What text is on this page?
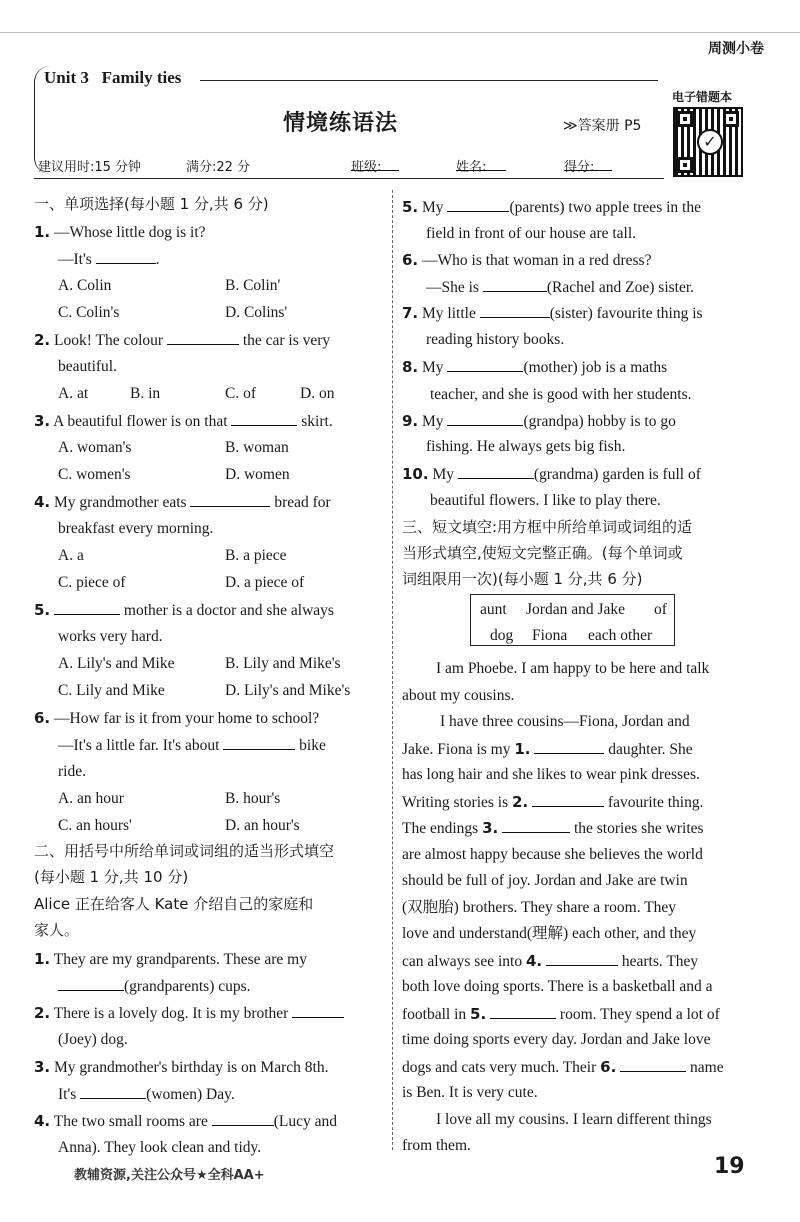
周测小卷
Unit 3 Family ties
情境练语法	≫答案册 P5
电子错题本
✓
建议用时:15 分钟	满分:22 分	班级:	姓名:	得分:
一、单项选择(每小题 1 分,共 6 分)
1. —Whose little dog is it?
—It's	.
A. Colin	B. Colin'
C. Colin's	D. Colins'
2. Look! The colour	the car is very
beautiful.
A. at	B. in	C. of	D. on
3. A beautiful flower is on that	skirt.
A. woman's	B. woman
C. women's	D. women
4. My grandmother eats	bread for
breakfast every morning.
A. a	B. a piece
C. piece of	D. a piece of
5.	mother is a doctor and she always
works very hard.
A. Lily's and Mike	B. Lily and Mike's
C. Lily and Mike	D. Lily's and Mike's
6. —How far is it from your home to school?
—It's a little far. It's about	bike
ride.
A. an hour	B. hour's
C. an hours'	D. an hour's
二、用括号中所给单词或词组的适当形式填空
(每小题 1 分,共 10 分)
Alice 正在给客人 Kate 介绍自己的家庭和
家人。
1. They are my grandparents. These are my
(grandparents) cups.
2. There is a lovely dog. It is my brother
(Joey) dog.
3. My grandmother's birthday is on March 8th.
It's	(women) Day.
4. The two small rooms are	(Lucy and
Anna). They look clean and tidy.
5. My	(parents) two apple trees in the
field in front of our house are tall.
6. —Who is that woman in a red dress?
—She is	(Rachel and Zoe) sister.
7. My little	(sister) favourite thing is
reading history books.
8. My	(mother) job is a maths
teacher, and she is good with her students.
9. My	(grandpa) hobby is to go
fishing. He always gets big fish.
10. My	(grandma) garden is full of
beautiful flowers. I like to play there.
三、短文填空:用方框中所给单词或词组的适
当形式填空,使短文完整正确。(每个单词或
词组限用一次)(每小题 1 分,共 6 分)
aunt Jordan and Jake of
dog Fiona each other
I am Phoebe. I am happy to be here and talk
about my cousins.
I have three cousins—Fiona, Jordan and
Jake. Fiona is my 1.	daughter. She
has long hair and she likes to wear pink dresses.
Writing stories is 2.	favourite thing.
The endings 3.	the stories she writes
are almost happy because she believes the world
should be full of joy. Jordan and Jake are twin
(双胞胎) brothers. They share a room. They
love and understand(理解) each other, and they
can always see into 4.	hearts. They
both love doing sports. There is a basketball and a
football in 5.	room. They spend a lot of
time doing sports every day. Jordan and Jake love
dogs and cats very much. Their 6.	name
is Ben. It is very cute.
I love all my cousins. I learn different things
from them.
教辅资源,关注公众号★全科AA+	19
